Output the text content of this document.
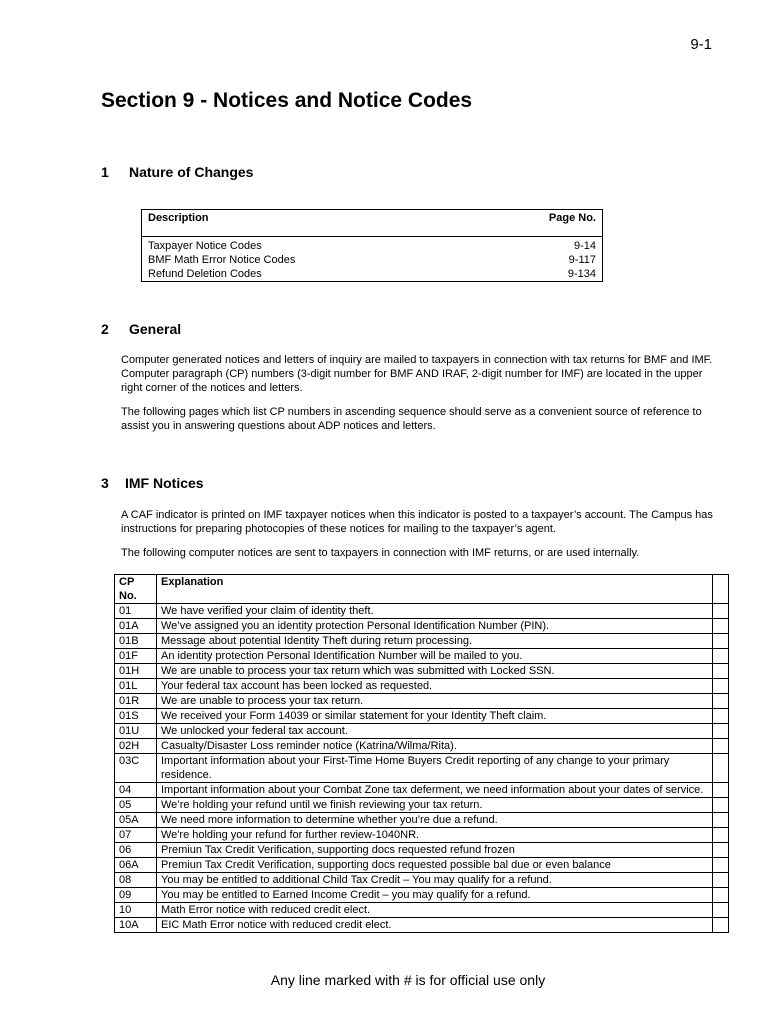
9-1
Section 9 - Notices and Notice Codes
1 Nature of Changes
Description	Page No.
Taxpayer Notice Codes	9-14
BMF Math Error Notice Codes	9-117
Refund Deletion Codes	9-134
2 General

Computer generated notices and letters of inquiry are mailed to taxpayers in connection with tax returns for BMF and IMF. Computer paragraph (CP) numbers (3-digit number for BMF AND IRAF, 2-digit number for IMF) are located in the upper right corner of the notices and letters.

The following pages which list CP numbers in ascending sequence should serve as a convenient source of reference to assist you in answering questions about ADP notices and letters.

3 IMF Notices

A CAF indicator is printed on IMF taxpayer notices when this indicator is posted to a taxpayer’s account. The Campus has instructions for preparing photocopies of these notices for mailing to the taxpayer’s agent.

The following computer notices are sent to taxpayers in connection with IMF returns, or are used internally.

CP No.	Explanation	
01	We have verified your claim of identity theft.	
01A	We’ve assigned you an identity protection Personal Identification Number (PIN).	
01B	Message about potential Identity Theft during return processing.	
01F	An identity protection Personal Identification Number will be mailed to you.	
01H	We are unable to process your tax return which was submitted with Locked SSN.	
01L	Your federal tax account has been locked as requested.	
01R	We are unable to process your tax return.	
01S	We received your Form 14039 or similar statement for your Identity Theft claim.	
01U	We unlocked your federal tax account.	
02H	Casualty/Disaster Loss reminder notice (Katrina/Wilma/Rita).	
03C	Important information about your First-Time Home Buyers Credit reporting of any change to your primary residence.	
04	Important information about your Combat Zone tax deferment, we need information about your dates of service.	
05	We’re holding your refund until we finish reviewing your tax return.	
05A	We need more information to determine whether you’re due a refund.	
07	We're holding your refund for further review-1040NR.	
06	Premiun Tax Credit Verification, supporting docs requested refund frozen	
06A	Premiun Tax Credit Verification, supporting docs requested possible bal due or even balance	
08	You may be entitled to additional Child Tax Credit – You may qualify for a refund.	
09	You may be entitled to Earned Income Credit – you may qualify for a refund.	
10	Math Error notice with reduced credit elect.	
10A	EIC Math Error notice with reduced credit elect.	
Any line marked with # is for official use only
